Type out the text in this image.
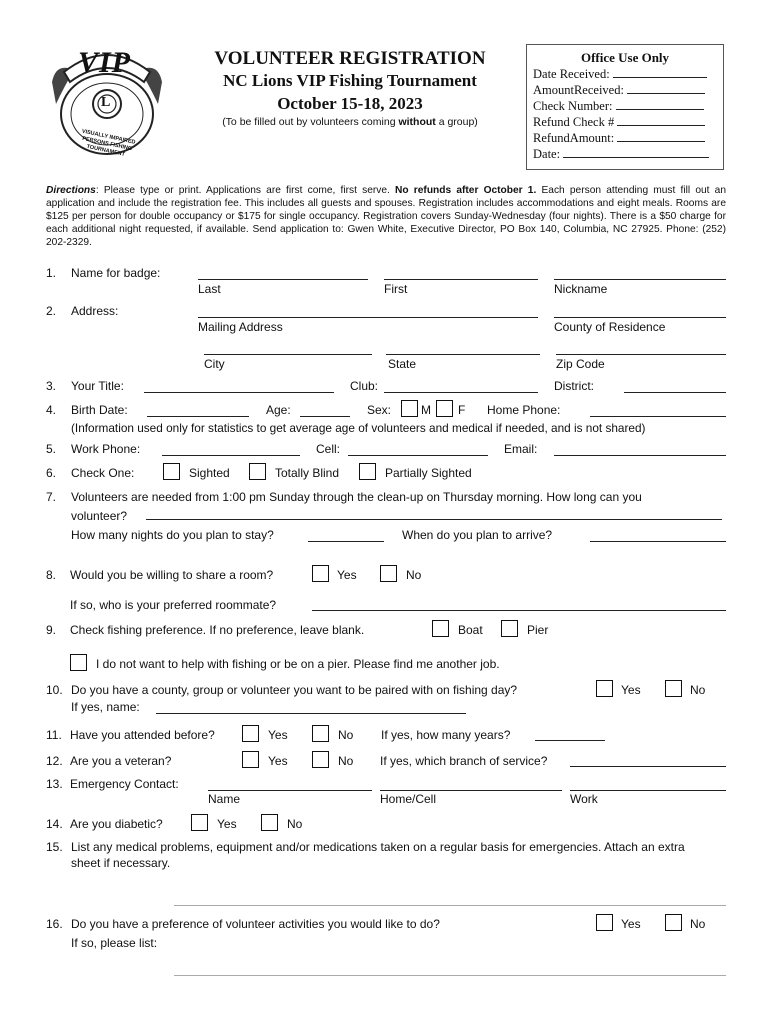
VIP
L
VISUALLY IMPAIRED PERSONS FISHING TOURNAMENT
VOLUNTEER REGISTRATION
NC Lions VIP Fishing Tournament
October 15-18, 2023
(To be filled out by volunteers coming without a group)
Office Use Only
Date Received:
AmountReceived:
Check Number:
Refund Check #
RefundAmount:
Date:
Directions: Please type or print. Applications are first come, first serve. No refunds after October 1. Each person attending must fill out an application and include the registration fee. This includes all guests and spouses. Registration includes accommodations and eight meals. Rooms are $125 per person for double occupancy or $175 for single occupancy. Registration covers Sunday-Wednesday (four nights). There is a $50 charge for each additional night requested, if available. Send application to: Gwen White, Executive Director, PO Box 140, Columbia, NC 27925. Phone: (252) 202-2329.
1. Name for badge:
Last	First	Nickname
2. Address:
Mailing Address	County of Residence
City	State	Zip Code
3. Your Title:	Club:	District:
4. Birth Date:	Age:	Sex: M F Home Phone:
(Information used only for statistics to get average age of volunteers and medical if needed, and is not shared)
5. Work Phone:	Cell:	Email:
6. Check One:	Sighted	Totally Blind	Partially Sighted
7. Volunteers are needed from 1:00 pm Sunday through the clean-up on Thursday morning. How long can you
volunteer?
How many nights do you plan to stay?	When do you plan to arrive?
8. Would you be willing to share a room?	Yes	No
If so, who is your preferred roommate?
9. Check fishing preference. If no preference, leave blank.	Boat	Pier
I do not want to help with fishing or be on a pier. Please find me another job.
10. Do you have a county, group or volunteer you want to be paired with on fishing day?	Yes	No
If yes, name:
11. Have you attended before?	Yes	No If yes, how many years?
12. Are you a veteran?	Yes	No If yes, which branch of service?
13. Emergency Contact:
Name	Home/Cell	Work
14. Are you diabetic?	Yes	No
15. List any medical problems, equipment and/or medications taken on a regular basis for emergencies. Attach an extra
sheet if necessary.
16. Do you have a preference of volunteer activities you would like to do?	Yes	No
If so, please list:
